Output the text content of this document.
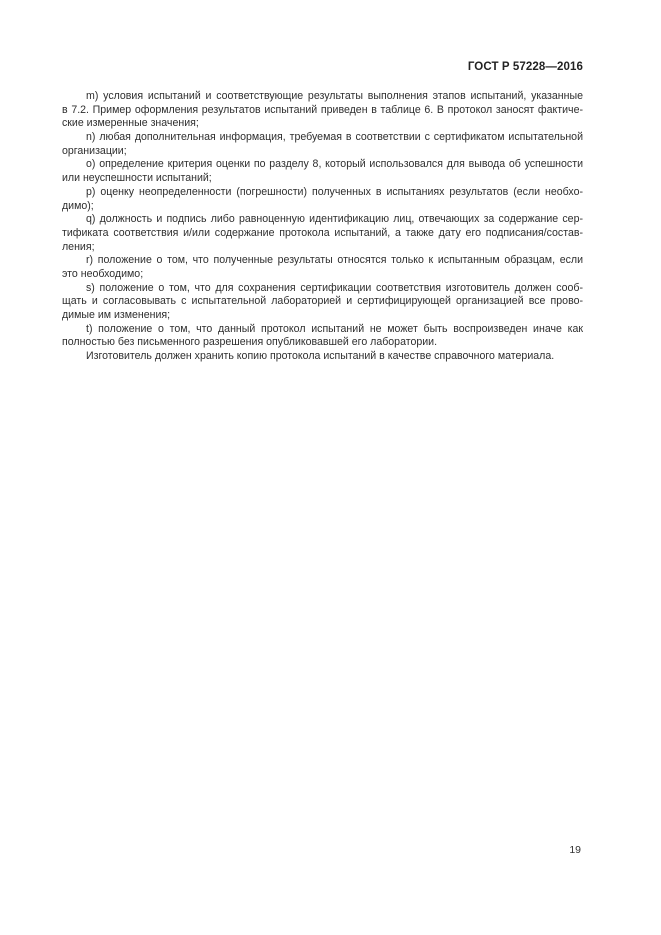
ГОСТ Р 57228—2016
m) условия испытаний и соответствующие результаты выполнения этапов испытаний, указанные
в 7.2. Пример оформления результатов испытаний приведен в таблице 6. В протокол заносят фактиче-
ские измеренные значения;
n) любая дополнительная информация, требуемая в соответствии с сертификатом испытательной
организации;
o) определение критерия оценки по разделу 8, который использовался для вывода об успешности
или неуспешности испытаний;
p) оценку неопределенности (погрешности) полученных в испытаниях результатов (если необхо-
димо);
q) должность и подпись либо равноценную идентификацию лиц, отвечающих за содержание сер-
тификата соответствия и/или содержание протокола испытаний, а также дату его подписания/состав-
ления;
r) положение о том, что полученные результаты относятся только к испытанным образцам, если
это необходимо;
s) положение о том, что для сохранения сертификации соответствия изготовитель должен сооб-
щать и согласовывать с испытательной лабораторией и сертифицирующей организацией все прово-
димые им изменения;
t) положение о том, что данный протокол испытаний не может быть воспроизведен иначе как
полностью без письменного разрешения опубликовавшей его лаборатории.
Изготовитель должен хранить копию протокола испытаний в качестве справочного материала.
19
